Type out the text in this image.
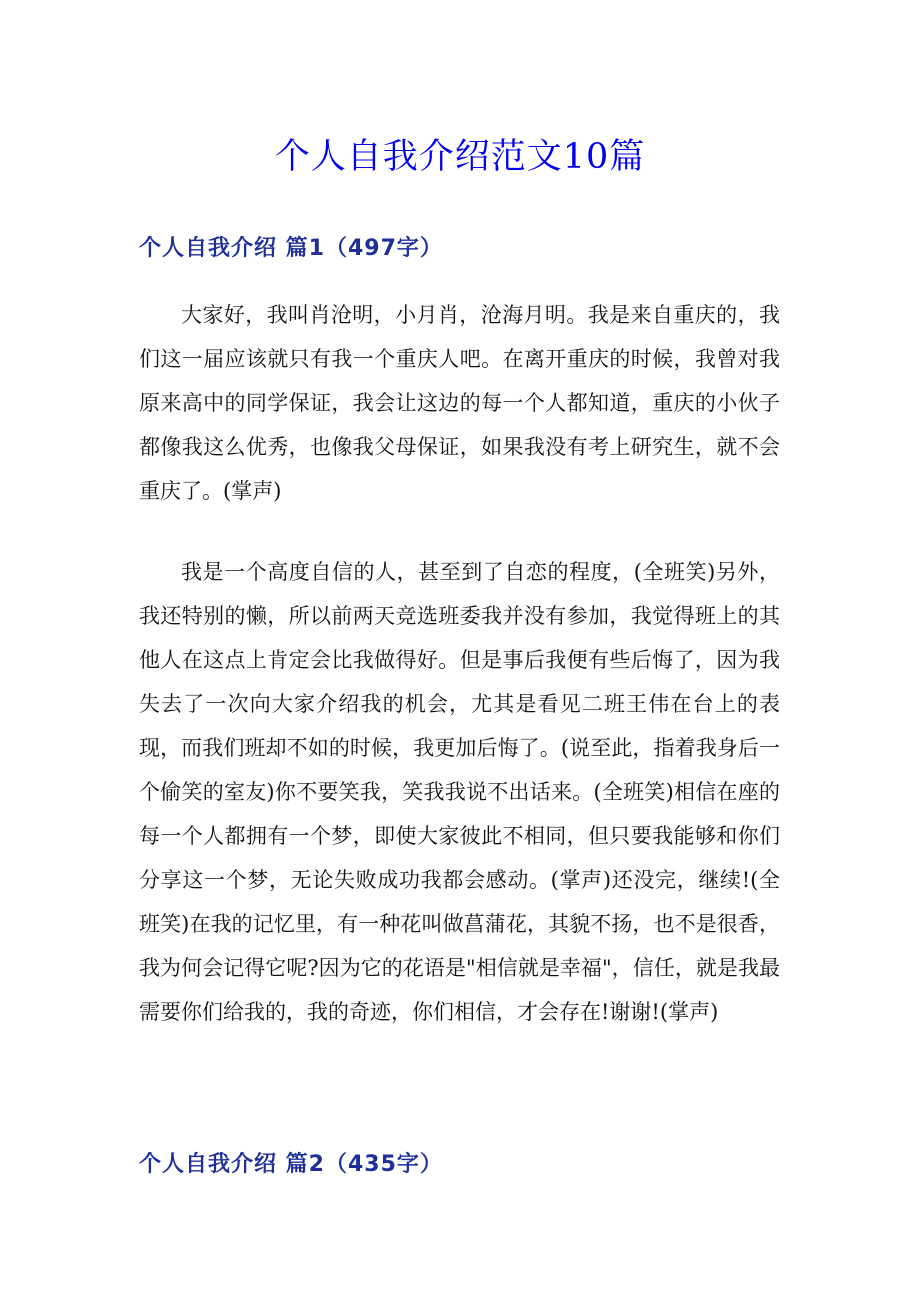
个人自我介绍范文10篇
个人自我介绍 篇1（497字）

大家好，我叫肖沧明，小月肖，沧海月明。我是来自重庆的，我们这一届应该就只有我一个重庆人吧。在离开重庆的时候，我曾对我原来高中的同学保证，我会让这边的每一个人都知道，重庆的小伙子都像我这么优秀，也像我父母保证，如果我没有考上研究生，就不会重庆了。(掌声)

我是一个高度自信的人，甚至到了自恋的程度，(全班笑)另外，我还特别的懒，所以前两天竞选班委我并没有参加，我觉得班上的其他人在这点上肯定会比我做得好。但是事后我便有些后悔了，因为我失去了一次向大家介绍我的机会，尤其是看见二班王伟在台上的表现，而我们班却不如的时候，我更加后悔了。(说至此，指着我身后一个偷笑的室友)你不要笑我，笑我我说不出话来。(全班笑)相信在座的每一个人都拥有一个梦，即使大家彼此不相同，但只要我能够和你们分享这一个梦，无论失败成功我都会感动。(掌声)还没完，继续!(全班笑)在我的记忆里，有一种花叫做菖蒲花，其貌不扬，也不是很香，我为何会记得它呢?因为它的花语是"相信就是幸福"，信任，就是我最需要你们给我的，我的奇迹，你们相信，才会存在!谢谢!(掌声)

个人自我介绍 篇2（435字）
